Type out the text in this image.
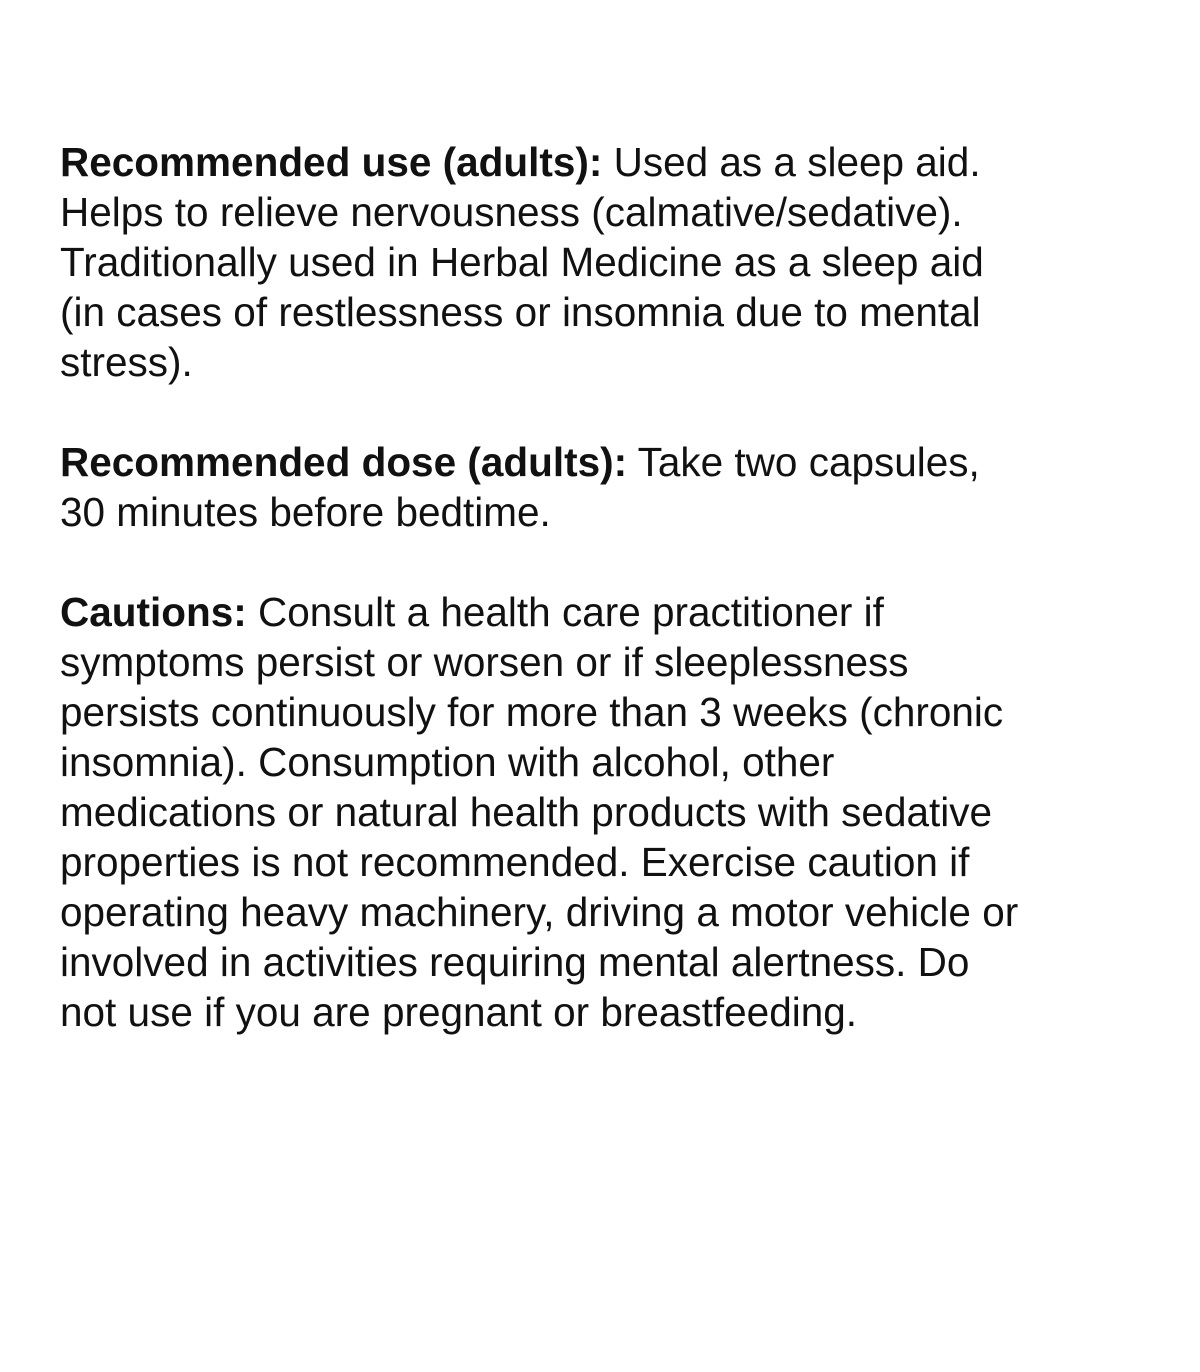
Recommended use (adults): Used as a sleep aid.
Helps to relieve nervousness (calmative/sedative).
Traditionally used in Herbal Medicine as a sleep aid
(in cases of restlessness or insomnia due to mental
stress).
Recommended dose (adults): Take two capsules,
30 minutes before bedtime.
Cautions: Consult a health care practitioner if
symptoms persist or worsen or if sleeplessness
persists continuously for more than 3 weeks (chronic
insomnia). Consumption with alcohol, other
medications or natural health products with sedative
properties is not recommended. Exercise caution if
operating heavy machinery, driving a motor vehicle or
involved in activities requiring mental alertness. Do
not use if you are pregnant or breastfeeding.
